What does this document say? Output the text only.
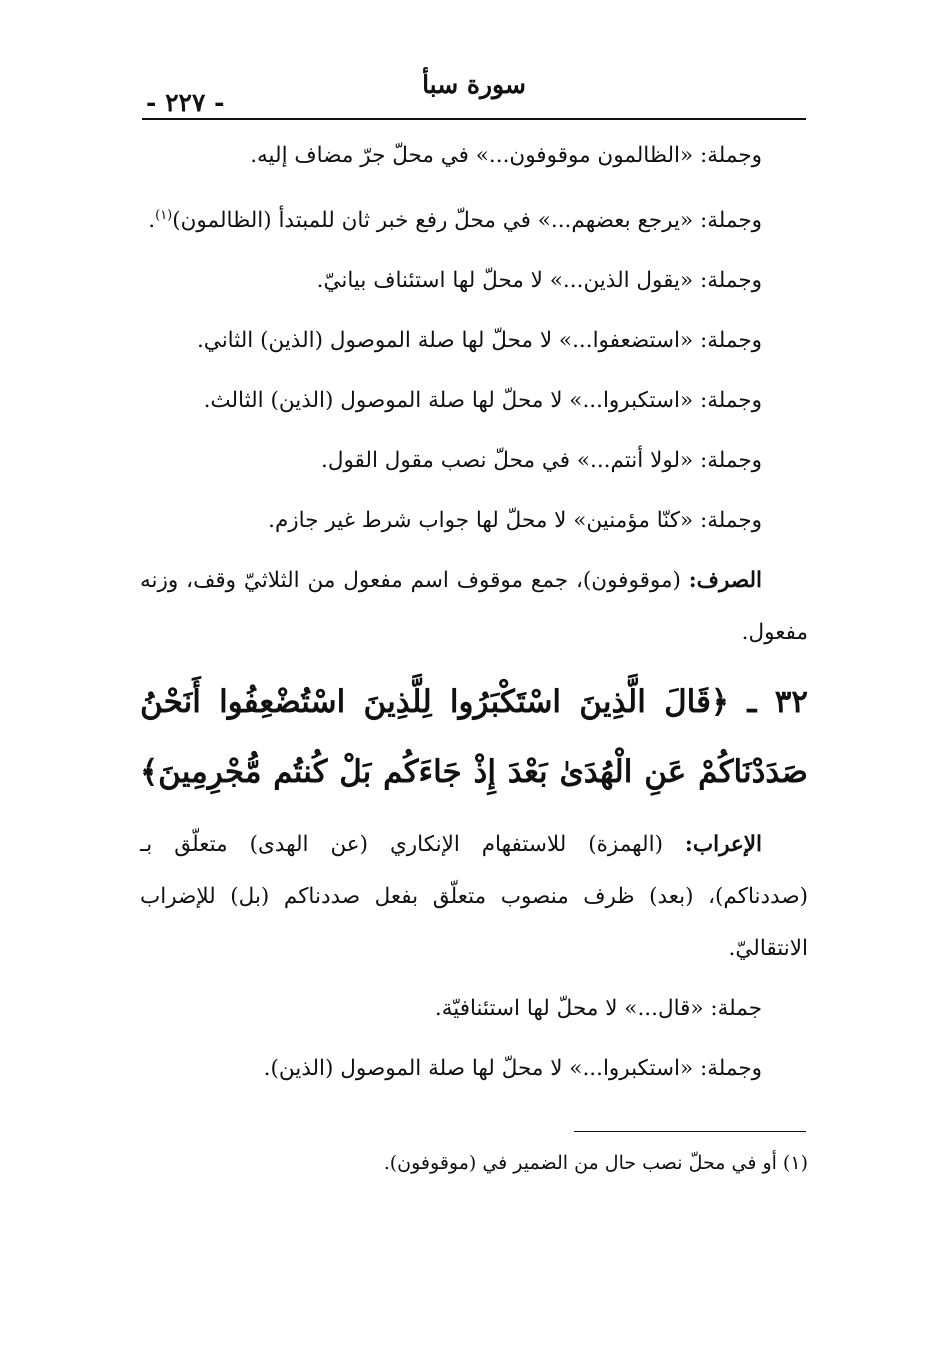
سورة سبأ
- ٢٢٧ -

وجملة: «الظالمون موقوفون...» في محلّ جرّ مضاف إليه.

وجملة: «يرجع بعضهم...» في محلّ رفع خبر ثان للمبتدأ (الظالمون)$^{(١)}$.

وجملة: «يقول الذين...» لا محلّ لها استئناف بيانيّ.

وجملة: «استضعفوا...» لا محلّ لها صلة الموصول (الذين) الثاني.

وجملة: «استكبروا...» لا محلّ لها صلة الموصول (الذين) الثالث.

وجملة: «لولا أنتم...» في محلّ نصب مقول القول.

وجملة: «كنّا مؤمنين» لا محلّ لها جواب شرط غير جازم.

الصرف: (موقوفون)، جمع موقوف اسم مفعول من الثلاثيّ وقف، وزنه مفعول.

٣٢ ـ ﴿قَالَ الَّذِينَ اسْتَكْبَرُوا لِلَّذِينَ اسْتُضْعِفُوا أَنَحْنُ صَدَدْنَاكُمْ عَنِ الْهُدَىٰ بَعْدَ إِذْ جَاءَكُم بَلْ كُنتُم مُّجْرِمِينَ﴾

الإعراب: (الهمزة) للاستفهام الإنكاري (عن الهدى) متعلّق بـ (صددناكم)، (بعد) ظرف منصوب متعلّق بفعل صددناكم (بل) للإضراب الانتقاليّ.

جملة: «قال...» لا محلّ لها استئنافيّة.

وجملة: «استكبروا...» لا محلّ لها صلة الموصول (الذين).

(١) أو في محلّ نصب حال من الضمير في (موقوفون).
